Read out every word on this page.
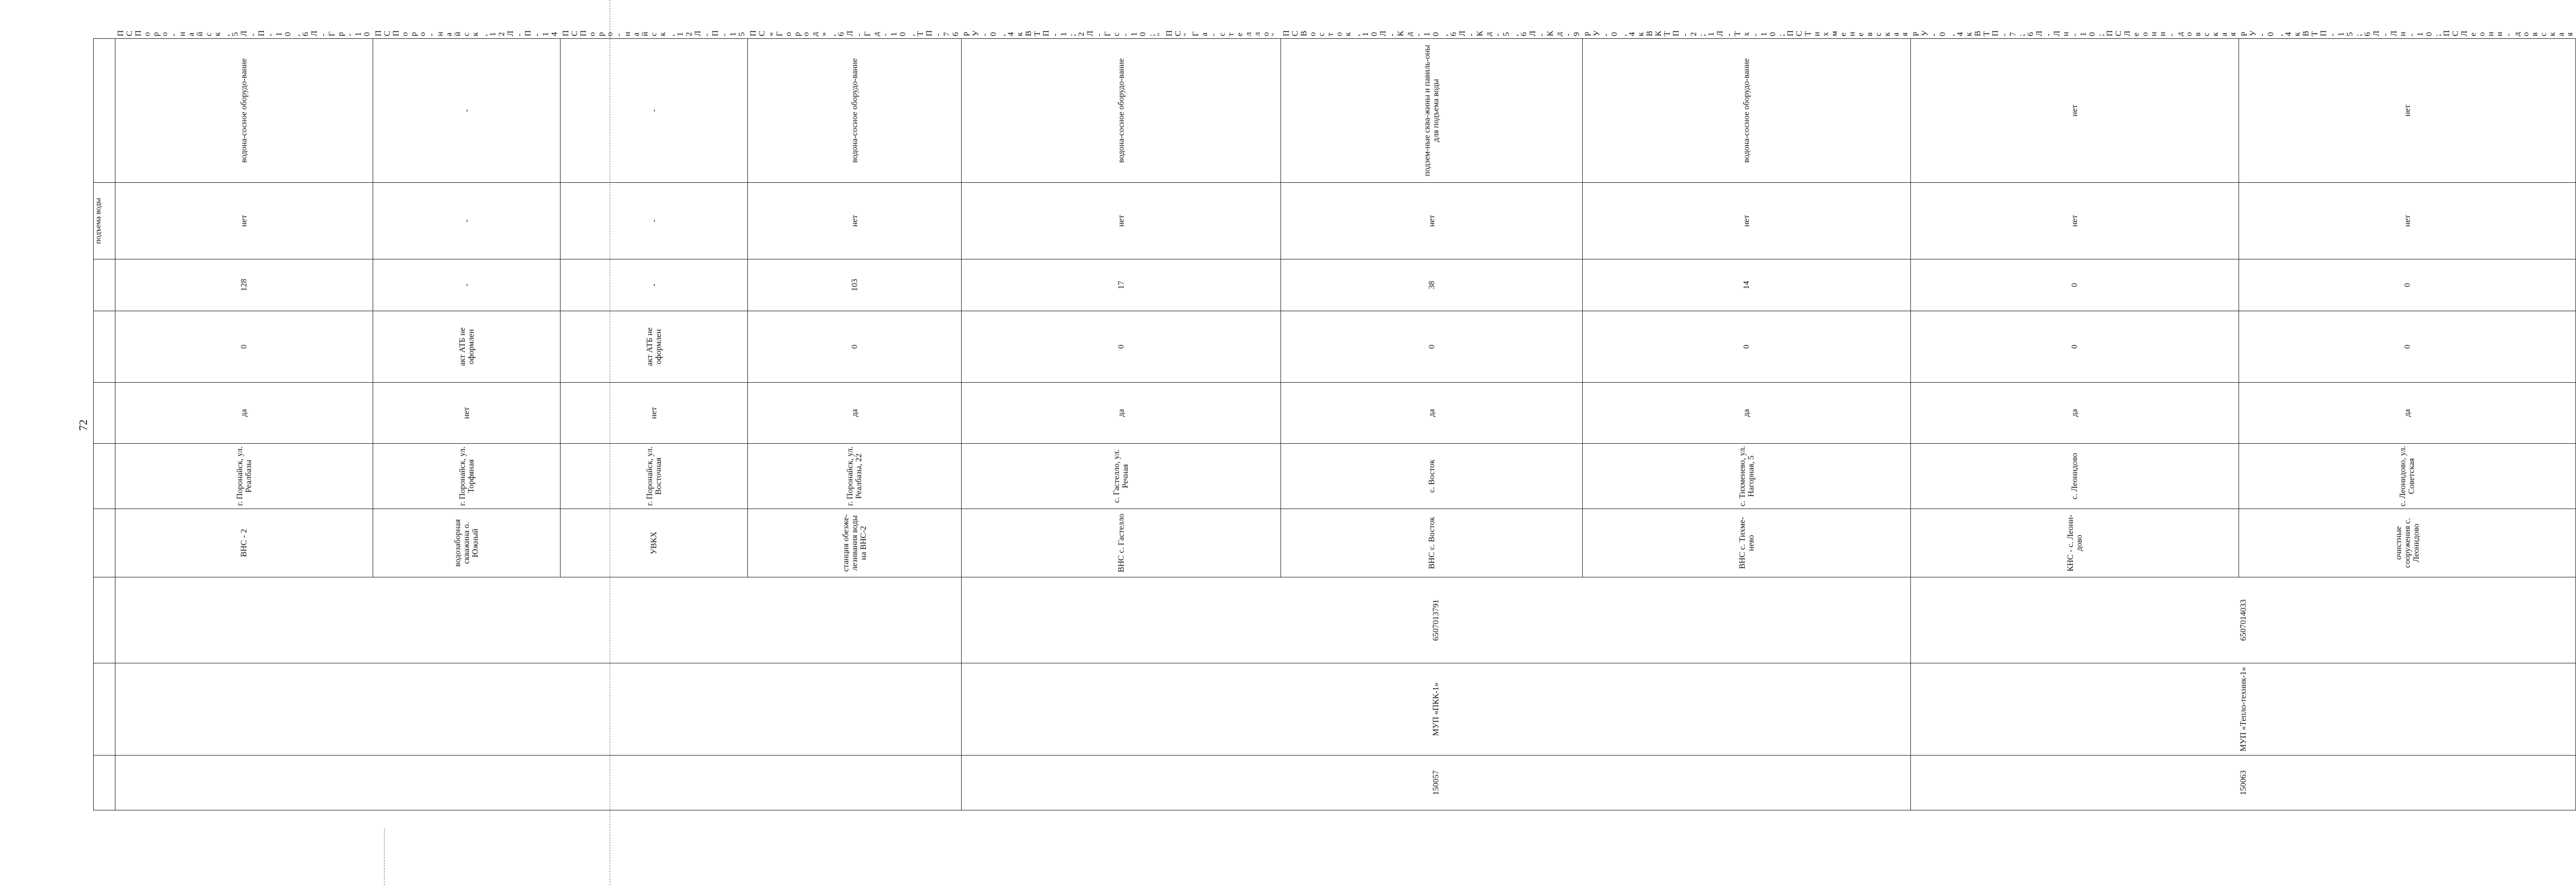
72
								подъема воды		
			ВНС - 2	г. Поронайск, ул. Реалбазы	да	0	128	нет	водона-сосное оборудо-вание	ПС Поро-найск, 5Л-П-10, 6Л-Гр-10
			водозаборная скважина о. Южный	г. Поронайск, ул. Торфяная	нет	акт АТБ не оформлен	-	-	-	ПС Поро-найск, 12Л-П-14
			УВКХ	г. Поронайск, ул. Восточная	нет	акт АТБ не оформлен	-	-	-	ПС Поро-найск, 12Л-П-15
			станция обезже-лезивания воды на ВНС-2	г. Поронайск, ул. Реалбазы, 22	да	0	103	нет	водона-сосное оборудо-вание	ПС «Город», 6Л-Гд-10, ТП-76
150057	МУП «ПКК-1»	6507013791	ВНС с. Гастелло	с. Гастелло, ул. Речная	да	0	17	нет	водона-сосное оборудо-вание	РУ-0, 4кВ ТП-1; 2Л-Гс-10; "ПС "Га-стелло"
			ВНС с. Восток	с. Восток	да	0	38	нет	подзем-ные сква-жины и павиль-оны для подъема воды	ПС Восток, 10Л-Кд-10, 6Л-Кд-5, 6Л-Кд-9
			ВНС с. Тихме-нево	с. Тихменево, ул. Нагорная, 5	да	0	14	нет	водона-сосное оборудо-вание	РУ-0, 4 кВ КТП-2; 1Л-Тх-10; ПС Тихменевская
150063	МУП «Тепло-техник-1»	6507014033	КНС - с. Леони-дово	с. Леонидово	да	0	0	нет	нет	РУ-0, 4 кВ ТП-7; 6Л-Лн-10; ПС Леони-довская
			очистные сооружения с. Леонидово	с. Леонидово, ул. Советская	да	0	0	нет	нет	РУ-0, 4 кВ ТП-15; 6Л-Лн-10; ПС Леони-довская
